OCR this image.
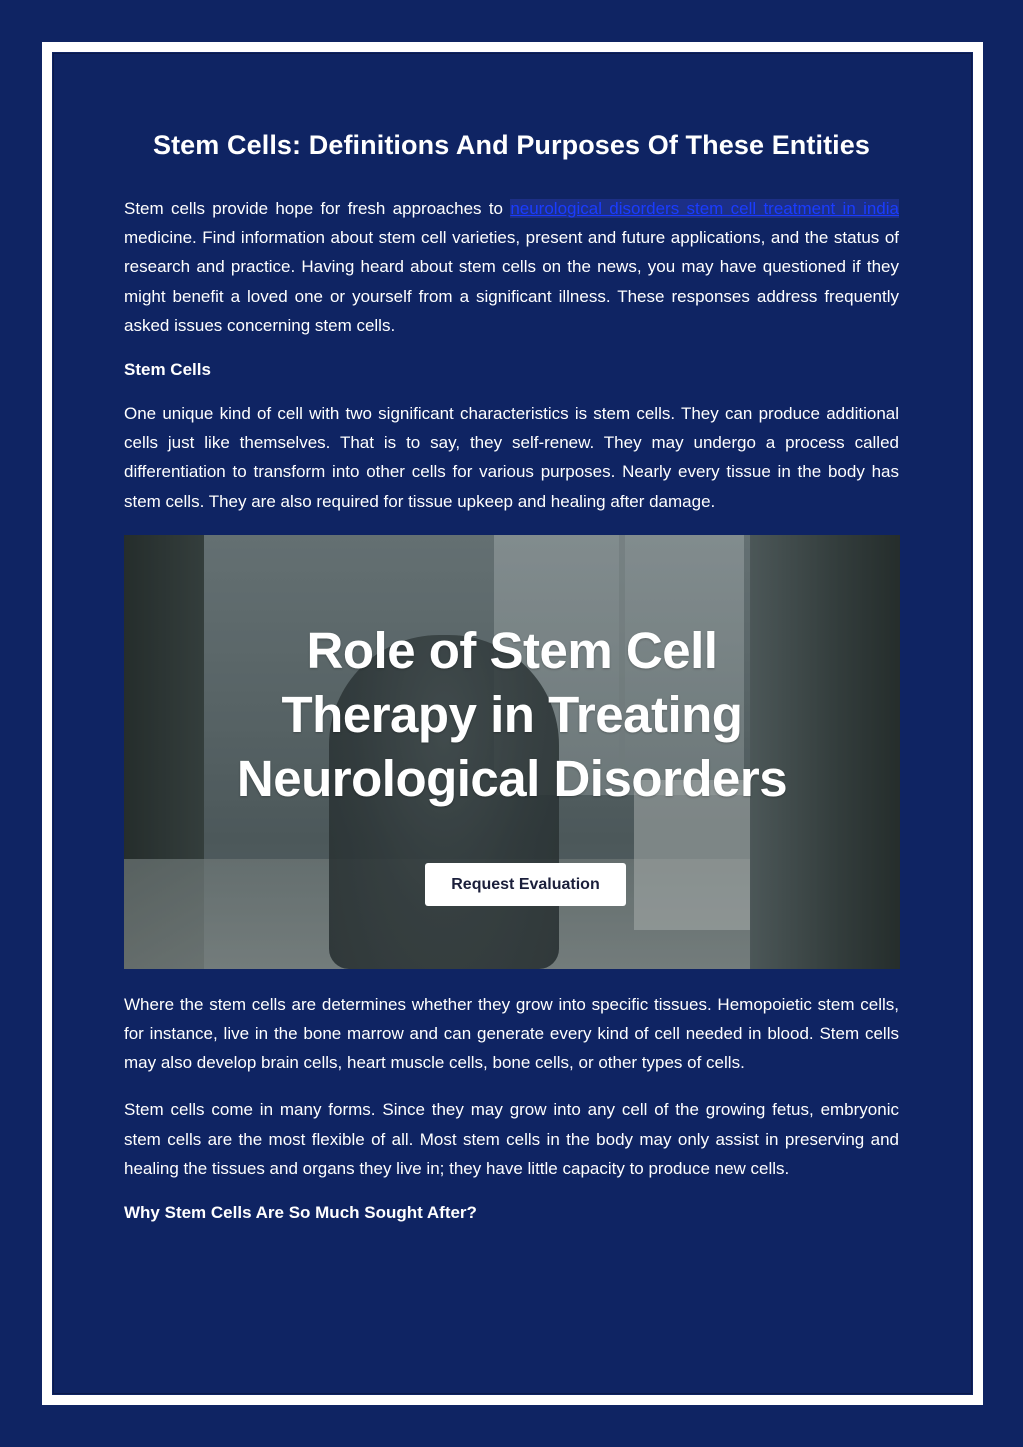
Stem Cells: Definitions And Purposes Of These Entities

Stem cells provide hope for fresh approaches to neurological disorders stem cell treatment in india medicine. Find information about stem cell varieties, present and future applications, and the status of research and practice. Having heard about stem cells on the news, you may have questioned if they might benefit a loved one or yourself from a significant illness. These responses address frequently asked issues concerning stem cells.

Stem Cells

One unique kind of cell with two significant characteristics is stem cells. They can produce additional cells just like themselves. That is to say, they self-renew. They may undergo a process called differentiation to transform into other cells for various purposes. Nearly every tissue in the body has stem cells. They are also required for tissue upkeep and healing after damage.

Role of Stem Cell
Therapy in Treating
Neurological Disorders
Request Evaluation

Where the stem cells are determines whether they grow into specific tissues. Hemopoietic stem cells, for instance, live in the bone marrow and can generate every kind of cell needed in blood. Stem cells may also develop brain cells, heart muscle cells, bone cells, or other types of cells.

Stem cells come in many forms. Since they may grow into any cell of the growing fetus, embryonic stem cells are the most flexible of all. Most stem cells in the body may only assist in preserving and healing the tissues and organs they live in; they have little capacity to produce new cells.

Why Stem Cells Are So Much Sought After?
